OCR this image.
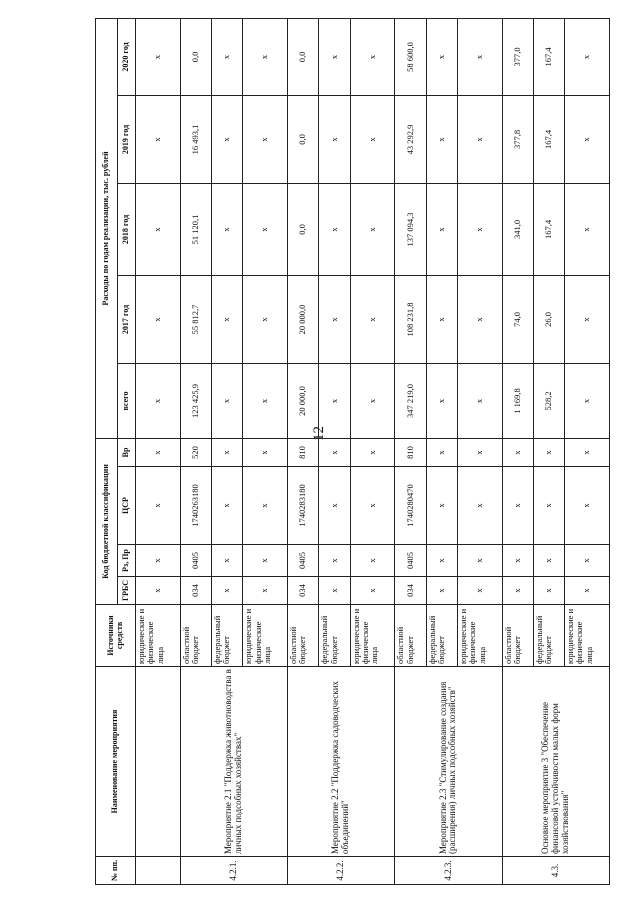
12
№ пп.	Наименование мероприятия	Источники средств	Код бюджетной классификации				Расходы по годам реализации, тыс. рублей				
			ГРБС	Рз, Пр	ЦСР	Вр	всего	2017 год	2018 год	2019 год	2020 год
		юридические и физические лица	x	x	x	x	x	x	x	x	x
4.2.1.	Мероприятие 2.1 "Поддержка животноводства в личных подсобных хозяйствах"	областной бюджет	034	0405	1740263180	520	123 425,9	55 812,7	51 120,1	16 493,1	0,0
		федеральный бюджет	x	x	x	x	x	x	x	x	x
		юридические и физические лица	x	x	x	x	x	x	x	x	x
4.2.2.	Мероприятие 2.2 "Поддержка садоводческих объединений"	областной бюджет	034	0405	1740283180	810	20 000,0	20 000,0	0,0	0,0	0,0
		федеральный бюджет	x	x	x	x	x	x	x	x	x
		юридические и физические лица	x	x	x	x	x	x	x	x	x
4.2.3.	Мероприятие 2.3 "Стимулирование создания (расширения) личных подсобных хозяйств"	областной бюджет	034	0405	1740280470	810	347 219,0	108 231,8	137 094,3	43 292,9	58 600,0
		федеральный бюджет	x	x	x	x	x	x	x	x	x
		юридические и физические лица	x	x	x	x	x	x	x	x	x
4.3.	Основное мероприятие 3 "Обеспечение финансовой устойчивости малых форм хозяйствования"	областной бюджет	x	x	x	x	1 169,8	74,0	341,0	377,8	377,0
		федеральный бюджет	x	x	x	x	528,2	26,0	167,4	167,4	167,4
		юридические и физические лица	x	x	x	x	x	x	x	x	x
